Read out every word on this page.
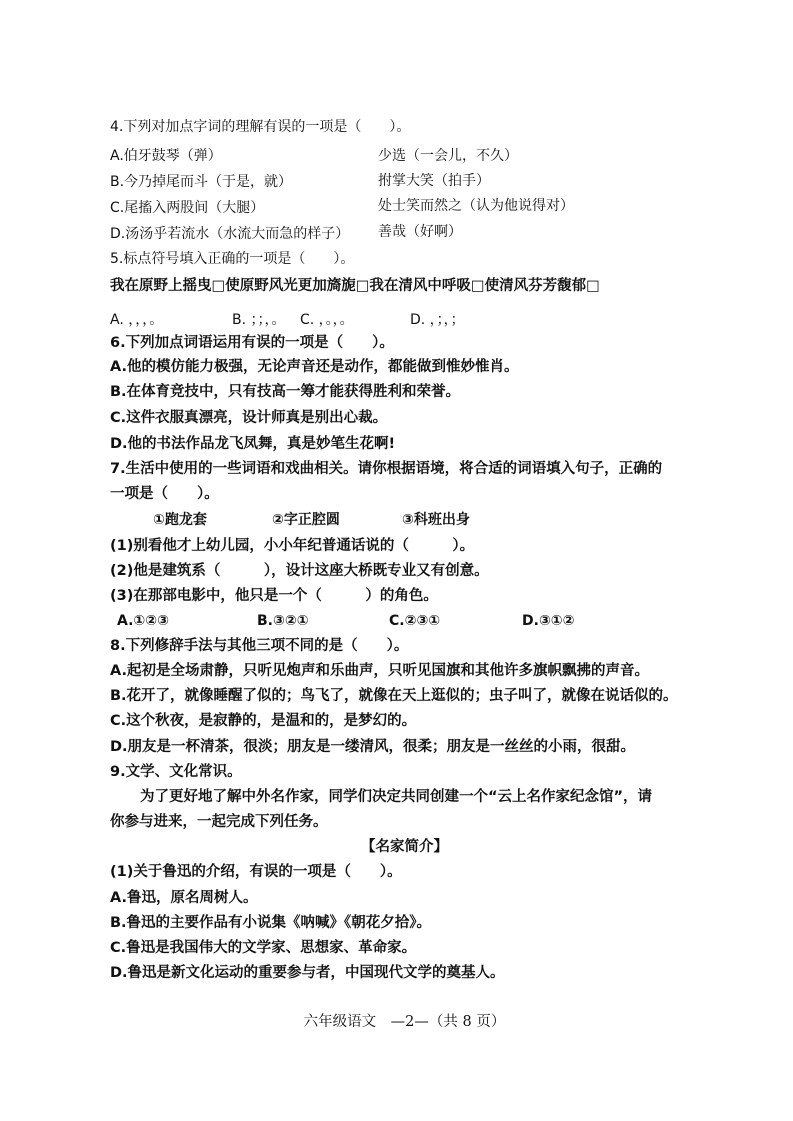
4.下列对加点字词的理解有误的一项是（　　）。
A.伯牙鼓琴（弹）	少选（一会儿，不久）
B.今乃掉尾而斗（于是，就）	拊掌大笑（拍手）
C.尾搐入两股间（大腿）	处士笑而然之（认为他说得对）
D.汤汤乎若流水（水流大而急的样子） 善哉（好啊）
5.标点符号填入正确的一项是（　　）。
我在原野上摇曳□使原野风光更加旖旎□我在清风中呼吸□使清风芬芳馥郁□
A. ，，，。	B. ；；，。 C. ，。，。	D. ，；，；
6.下列加点词语运用有误的一项是（　　）。
A.他的模仿能力极强，无论声音还是动作，都能做到惟妙惟肖。
B.在体育竞技中，只有技高一筹才能获得胜利和荣誉。
C.这件衣服真漂亮，设计师真是别出心裁。
D.他的书法作品龙飞凤舞，真是妙笔生花啊!
7.生活中使用的一些词语和戏曲相关。请你根据语境，将合适的词语填入句子，正确的
一项是（　　）。
①跑龙套	②字正腔圆	③科班出身
(1)别看他才上幼儿园，小小年纪普通话说的（　　　）。
(2)他是建筑系（　　　），设计这座大桥既专业又有创意。
(3)在那部电影中，他只是一个（　　　）的角色。
A.①②③	B.③②①	C.②③①	D.③①②
8.下列修辞手法与其他三项不同的是（　　）。
A.起初是全场肃静，只听见炮声和乐曲声，只听见国旗和其他许多旗帜飘拂的声音。
B.花开了，就像睡醒了似的；鸟飞了，就像在天上逛似的；虫子叫了，就像在说话似的。
C.这个秋夜，是寂静的，是温和的，是梦幻的。
D.朋友是一杯清茶，很淡；朋友是一缕清风，很柔；朋友是一丝丝的小雨，很甜。
9.文学、文化常识。
为了更好地了解中外名作家，同学们决定共同创建一个“云上名作家纪念馆”，请
你参与进来，一起完成下列任务。
【名家简介】
(1)关于鲁迅的介绍，有误的一项是（　　）。
A.鲁迅，原名周树人。
B.鲁迅的主要作品有小说集《呐喊》《朝花夕拾》。
C.鲁迅是我国伟大的文学家、思想家、革命家。
D.鲁迅是新文化运动的重要参与者，中国现代文学的奠基人。
六年级语文　—2—（共 8 页）
